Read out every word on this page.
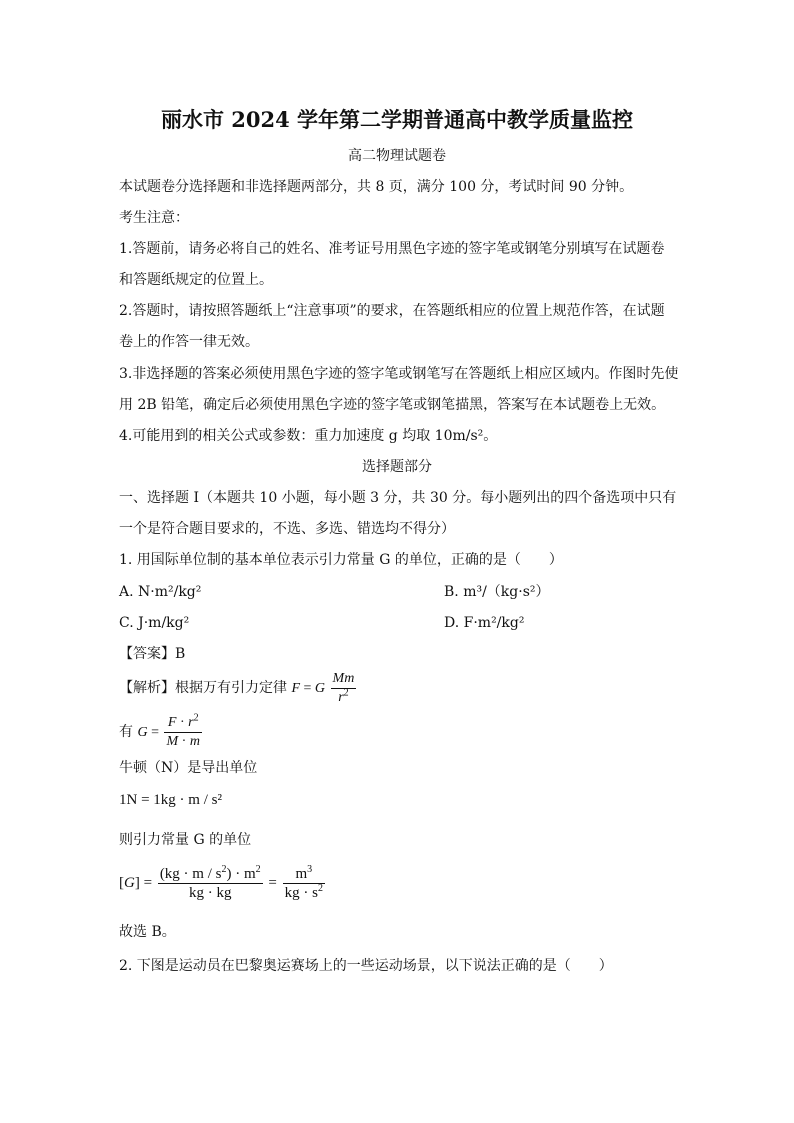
丽水市 2024 学年第二学期普通高中教学质量监控
高二物理试题卷
本试题卷分选择题和非选择题两部分，共 8 页，满分 100 分，考试时间 90 分钟。
考生注意：
1.答题前，请务必将自己的姓名、准考证号用黑色字迹的签字笔或钢笔分别填写在试题卷
和答题纸规定的位置上。
2.答题时，请按照答题纸上“注意事项”的要求，在答题纸相应的位置上规范作答，在试题
卷上的作答一律无效。
3.非选择题的答案必须使用黑色字迹的签字笔或钢笔写在答题纸上相应区域内。作图时先使
用 2B 铅笔，确定后必须使用黑色字迹的签字笔或钢笔描黑，答案写在本试题卷上无效。
4.可能用到的相关公式或参数：重力加速度 g 均取 10m/s²。
选择题部分
一、选择题 I（本题共 10 小题，每小题 3 分，共 30 分。每小题列出的四个备选项中只有
一个是符合题目要求的，不选、多选、错选均不得分）
1. 用国际单位制的基本单位表示引力常量 G 的单位，正确的是（　　）
A. N·m²/kg²	B. m³/（kg·s²）
C. J·m/kg²	D. F·m²/kg²
【答案】B
【解析】根据万有引力定律 F = G $\frac{Mm}{r^2}$
有 $G = \frac{F \cdot r^2}{M \cdot m}$
牛顿（N）是导出单位
1N = 1kg · m / s²
则引力常量 G 的单位
$[G] = \frac{(kg \cdot m / s^2) \cdot m^2}{kg \cdot kg} = \frac{m^3}{kg \cdot s^2}$
故选 B。
2. 下图是运动员在巴黎奥运赛场上的一些运动场景，以下说法正确的是（　　）
